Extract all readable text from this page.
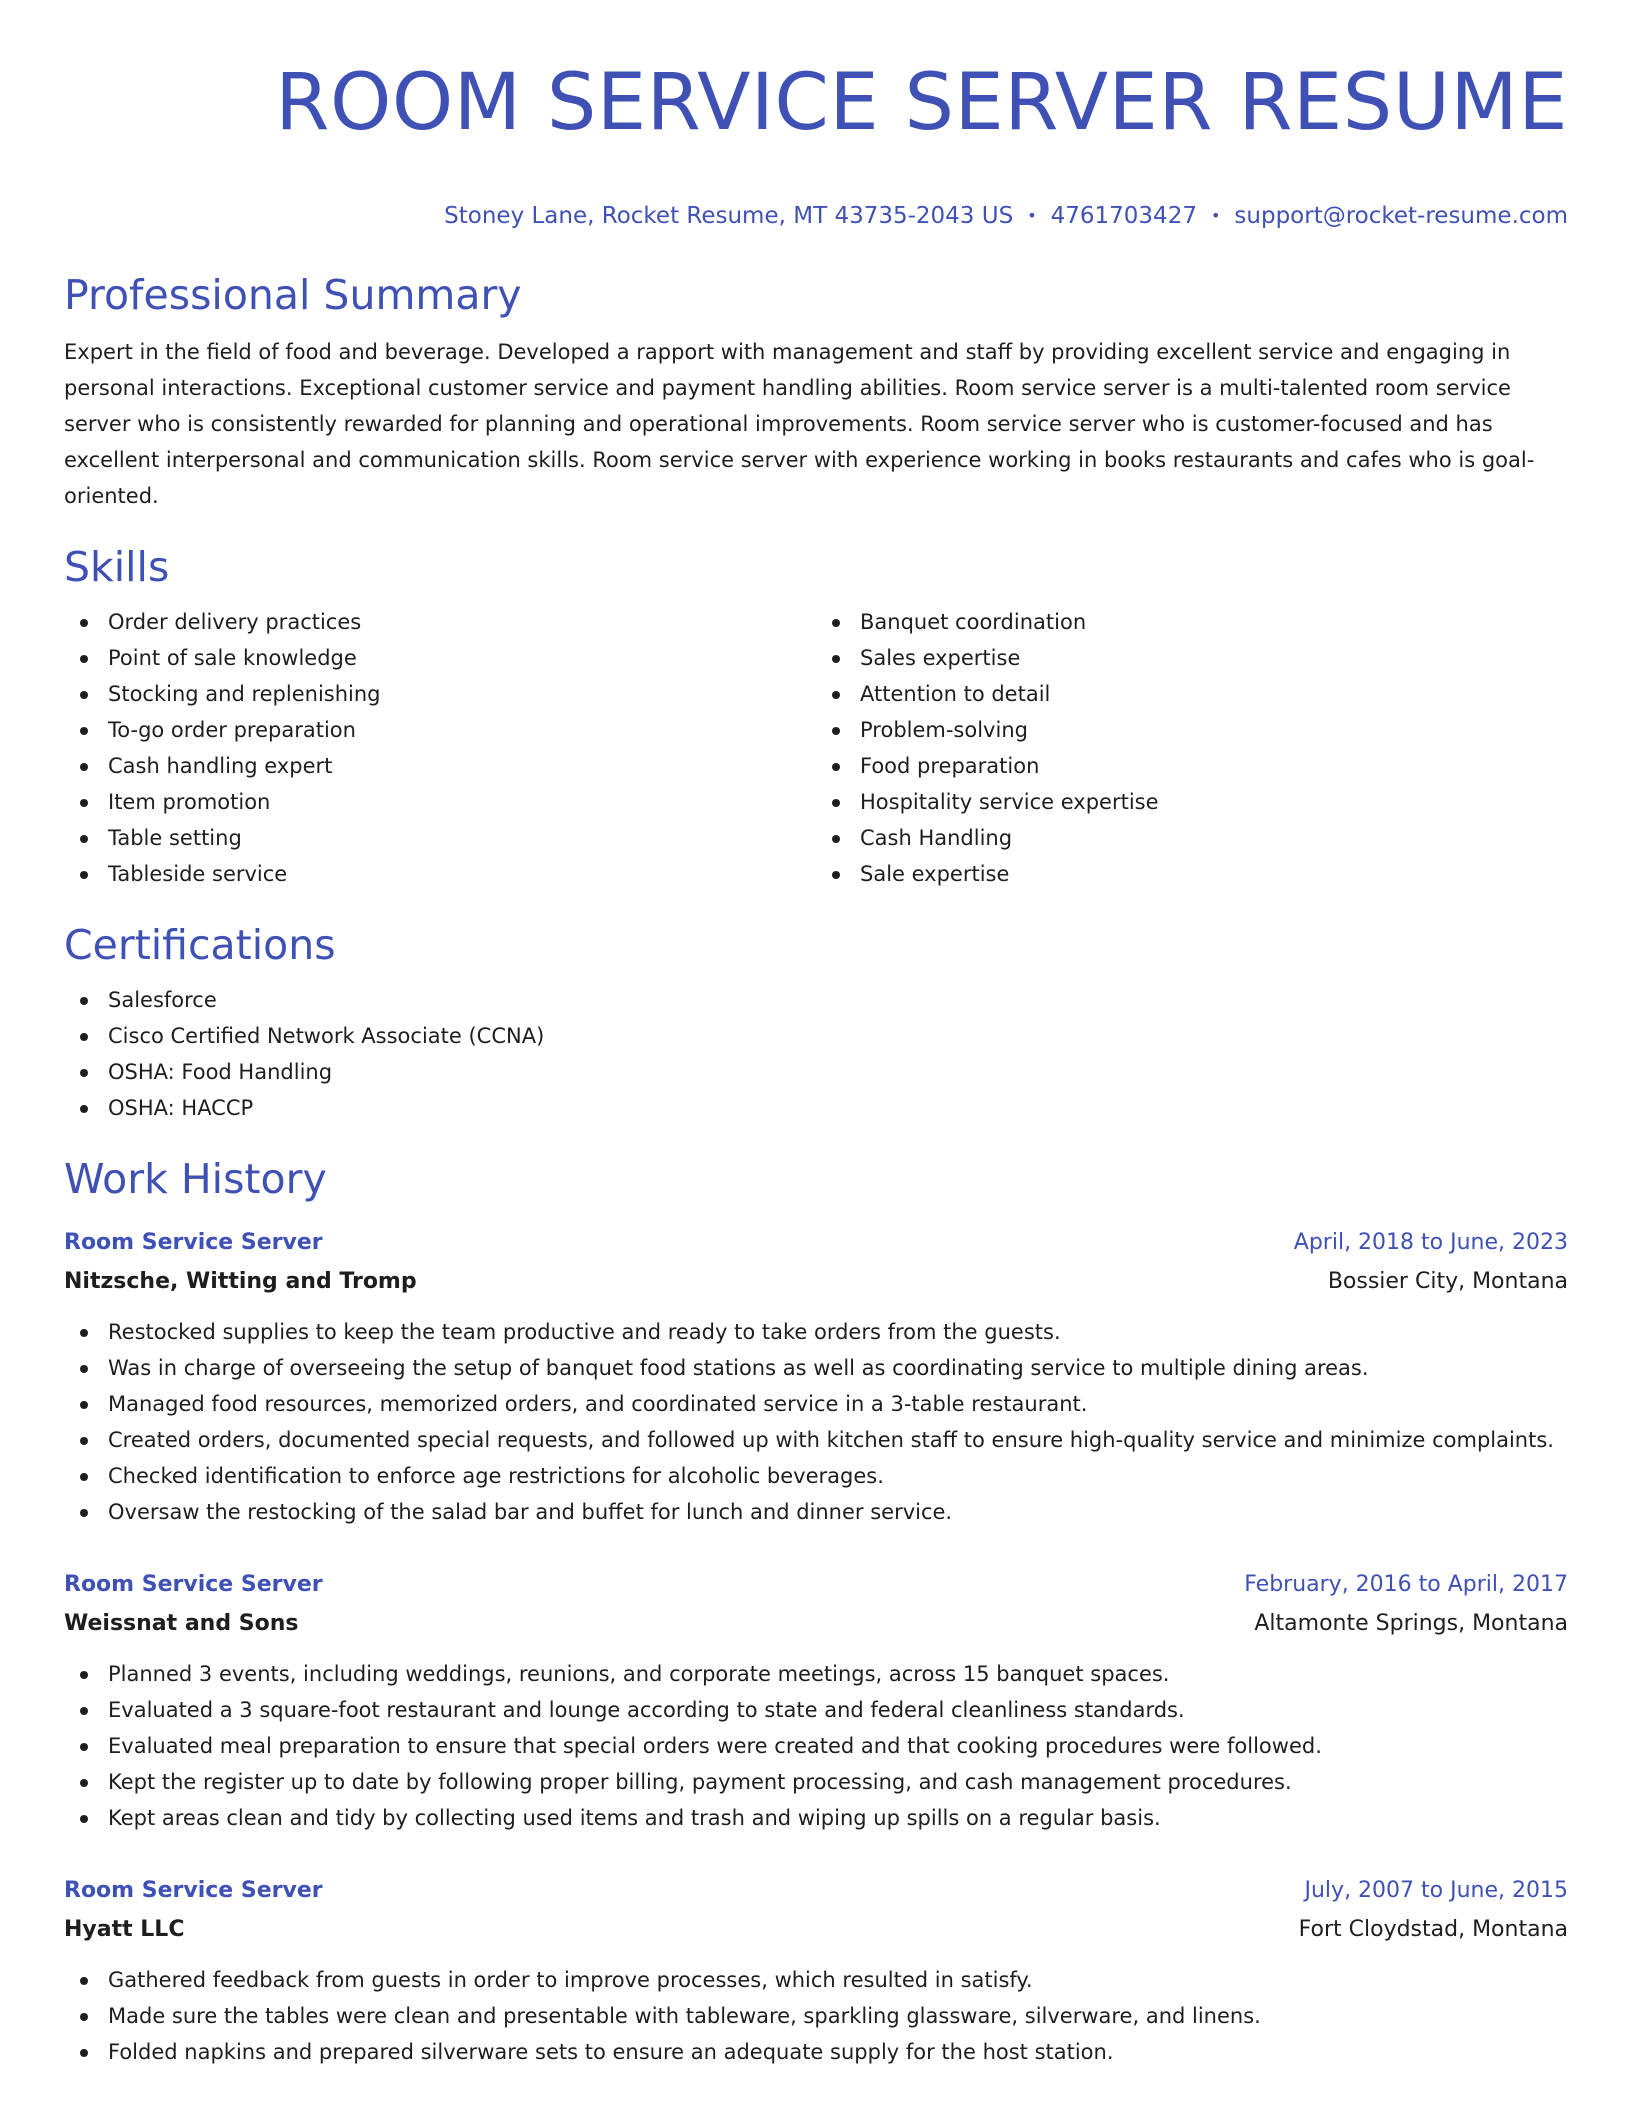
ROOM SERVICE SERVER RESUME
Stoney Lane, Rocket Resume, MT 43735-2043 US • 4761703427 • support@rocket-resume.com
Professional Summary

Expert in the field of food and beverage. Developed a rapport with management and staff by providing excellent service and engaging in personal interactions. Exceptional customer service and payment handling abilities. Room service server is a multi-talented room service server who is consistently rewarded for planning and operational improvements. Room service server who is customer-focused and has excellent interpersonal and communication skills. Room service server with experience working in books restaurants and cafes who is goal-oriented.

Skills
Order delivery practices
Point of sale knowledge
Stocking and replenishing
To-go order preparation
Cash handling expert
Item promotion
Table setting
Tableside service
Banquet coordination
Sales expertise
Attention to detail
Problem-solving
Food preparation
Hospitality service expertise
Cash Handling
Sale expertise
Certifications
Salesforce
Cisco Certified Network Associate (CCNA)
OSHA: Food Handling
OSHA: HACCP
Work History
Room Service Server	April, 2018 to June, 2023
Nitzsche, Witting and Tromp	Bossier City, Montana
Restocked supplies to keep the team productive and ready to take orders from the guests.
Was in charge of overseeing the setup of banquet food stations as well as coordinating service to multiple dining areas.
Managed food resources, memorized orders, and coordinated service in a 3-table restaurant.
Created orders, documented special requests, and followed up with kitchen staff to ensure high-quality service and minimize complaints.
Checked identification to enforce age restrictions for alcoholic beverages.
Oversaw the restocking of the salad bar and buffet for lunch and dinner service.
Room Service Server	February, 2016 to April, 2017
Weissnat and Sons	Altamonte Springs, Montana
Planned 3 events, including weddings, reunions, and corporate meetings, across 15 banquet spaces.
Evaluated a 3 square-foot restaurant and lounge according to state and federal cleanliness standards.
Evaluated meal preparation to ensure that special orders were created and that cooking procedures were followed.
Kept the register up to date by following proper billing, payment processing, and cash management procedures.
Kept areas clean and tidy by collecting used items and trash and wiping up spills on a regular basis.
Room Service Server	July, 2007 to June, 2015
Hyatt LLC	Fort Cloydstad, Montana
Gathered feedback from guests in order to improve processes, which resulted in satisfy.
Made sure the tables were clean and presentable with tableware, sparkling glassware, silverware, and linens.
Folded napkins and prepared silverware sets to ensure an adequate supply for the host station.
